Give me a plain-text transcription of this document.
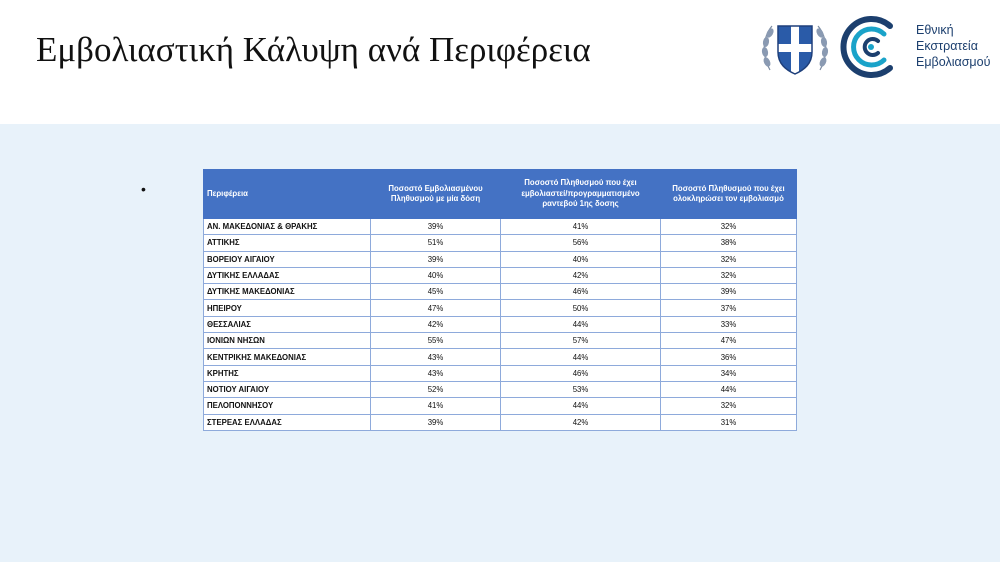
Εμβολιαστική Κάλυψη ανά Περιφέρεια	Εθνική
Εκστρατεία
Εμβολιασμού
•	Περιφέρεια	Ποσοστό Εμβολιασμένου Πληθυσμού με μία δόση	Ποσοστό Πληθυσμού που έχει εμβολιαστεί/προγραμματισμένο ραντεβού 1ης δοσης	Ποσοστό Πληθυσμού που έχει ολοκληρώσει τον εμβολιασμό
ΑΝ. ΜΑΚΕΔΟΝΙΑΣ & ΘΡΑΚΗΣ	39%	41%	32%
ΑΤΤΙΚΗΣ	51%	56%	38%
ΒΟΡΕΙΟΥ ΑΙΓΑΙΟΥ	39%	40%	32%
ΔΥΤΙΚΗΣ ΕΛΛΑΔΑΣ	40%	42%	32%
ΔΥΤΙΚΗΣ ΜΑΚΕΔΟΝΙΑΣ	45%	46%	39%
ΗΠΕΙΡΟΥ	47%	50%	37%
ΘΕΣΣΑΛΙΑΣ	42%	44%	33%
ΙΟΝΙΩΝ ΝΗΣΩΝ	55%	57%	47%
ΚΕΝΤΡΙΚΗΣ ΜΑΚΕΔΟΝΙΑΣ	43%	44%	36%
ΚΡΗΤΗΣ	43%	46%	34%
ΝΟΤΙΟΥ ΑΙΓΑΙΟΥ	52%	53%	44%
ΠΕΛΟΠΟΝΝΗΣΟΥ	41%	44%	32%
ΣΤΕΡΕΑΣ ΕΛΛΑΔΑΣ	39%	42%	31%
